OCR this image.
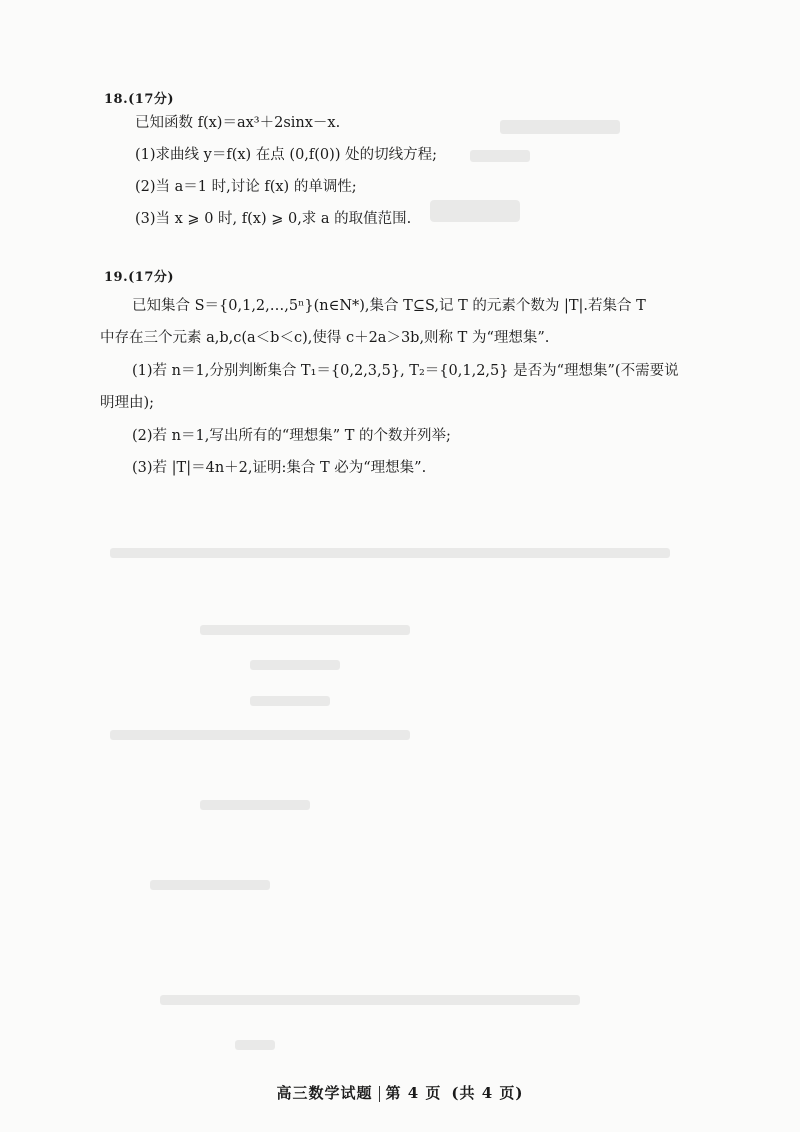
18.(17分)
已知函数 f(x)＝ax³＋2sinx－x.
(1)求曲线 y＝f(x) 在点 (0,f(0)) 处的切线方程;
(2)当 a＝1 时,讨论 f(x) 的单调性;
(3)当 x ⩾ 0 时, f(x) ⩾ 0,求 a 的取值范围.
19.(17分)
已知集合 S＝{0,1,2,…,5ⁿ}(n∈N*),集合 T⊆S,记 T 的元素个数为 |T|.若集合 T
中存在三个元素 a,b,c(a＜b＜c),使得 c＋2a＞3b,则称 T 为“理想集”.
(1)若 n＝1,分别判断集合 T₁＝{0,2,3,5}, T₂＝{0,1,2,5} 是否为“理想集”(不需要说
明理由);
(2)若 n＝1,写出所有的“理想集” T 的个数并列举;
(3)若 |T|＝4n＋2,证明:集合 T 必为“理想集”.
高三数学试题 第 4 页 (共 4 页)
